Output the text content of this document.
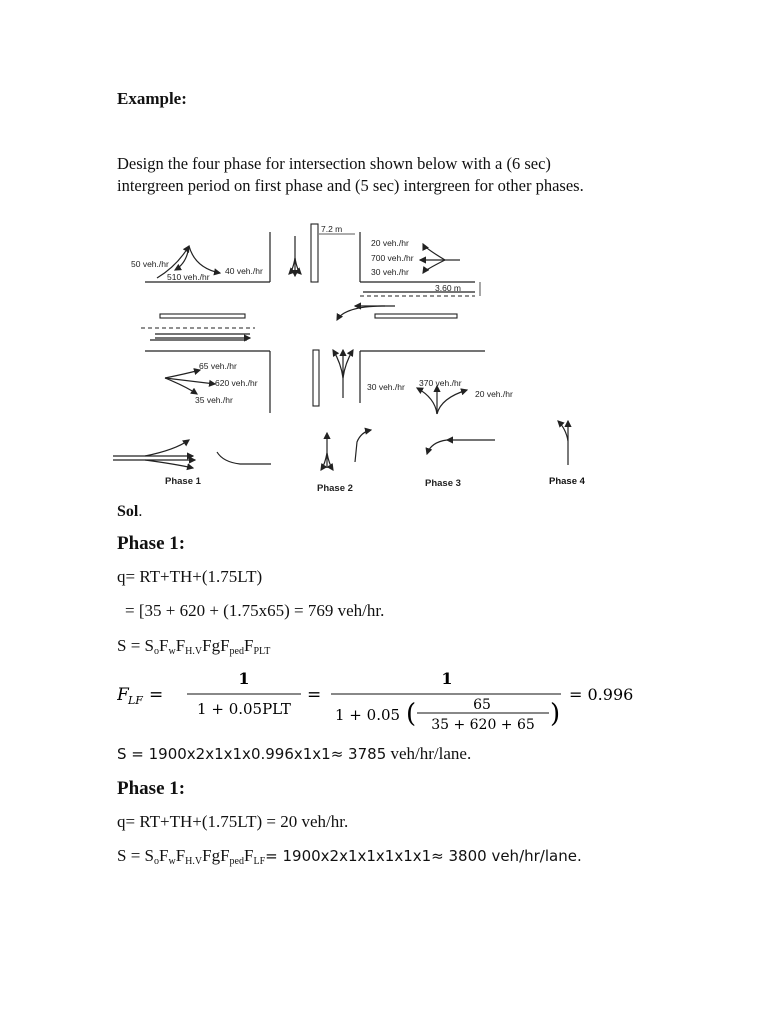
Example:
Design the four phase for intersection shown below with a (6 sec)
intergreen period on first phase and (5 sec) intergreen for other phases.
50 veh./hr
40 veh./hr
510 veh./hr
7.2 m
20 veh./hr
700 veh./hr
30 veh./hr
3.60 m
65 veh./hr
620 veh./hr
35 veh./hr
30 veh./hr 370 veh./hr
20 veh./hr
Phase 1
Phase 2	Phase 3	Phase 4
Sol.
Phase 1:
q= RT+TH+(1.75LT)
= [35 + 620 + (1.75x65) = 769 veh/hr.
$S = S_oF_wF_{H.V}FgF_{ped}F_{PLT}$
F LF =
1
1 + 0.05PLT
=
1
1 + 0.05 (	65
35 + 620 + 65 )
= 0.996
S = 1900x2x1x1x0.996x1x1≈ 3785 veh/hr/lane.
Phase 1:
q= RT+TH+(1.75LT) = 20 veh/hr.
$S = S_oF_wF_{H.V}FgF_{ped}F_{LF}= 1900x2x1x1x1x1x1\approx 3800$ veh/hr/lane.
